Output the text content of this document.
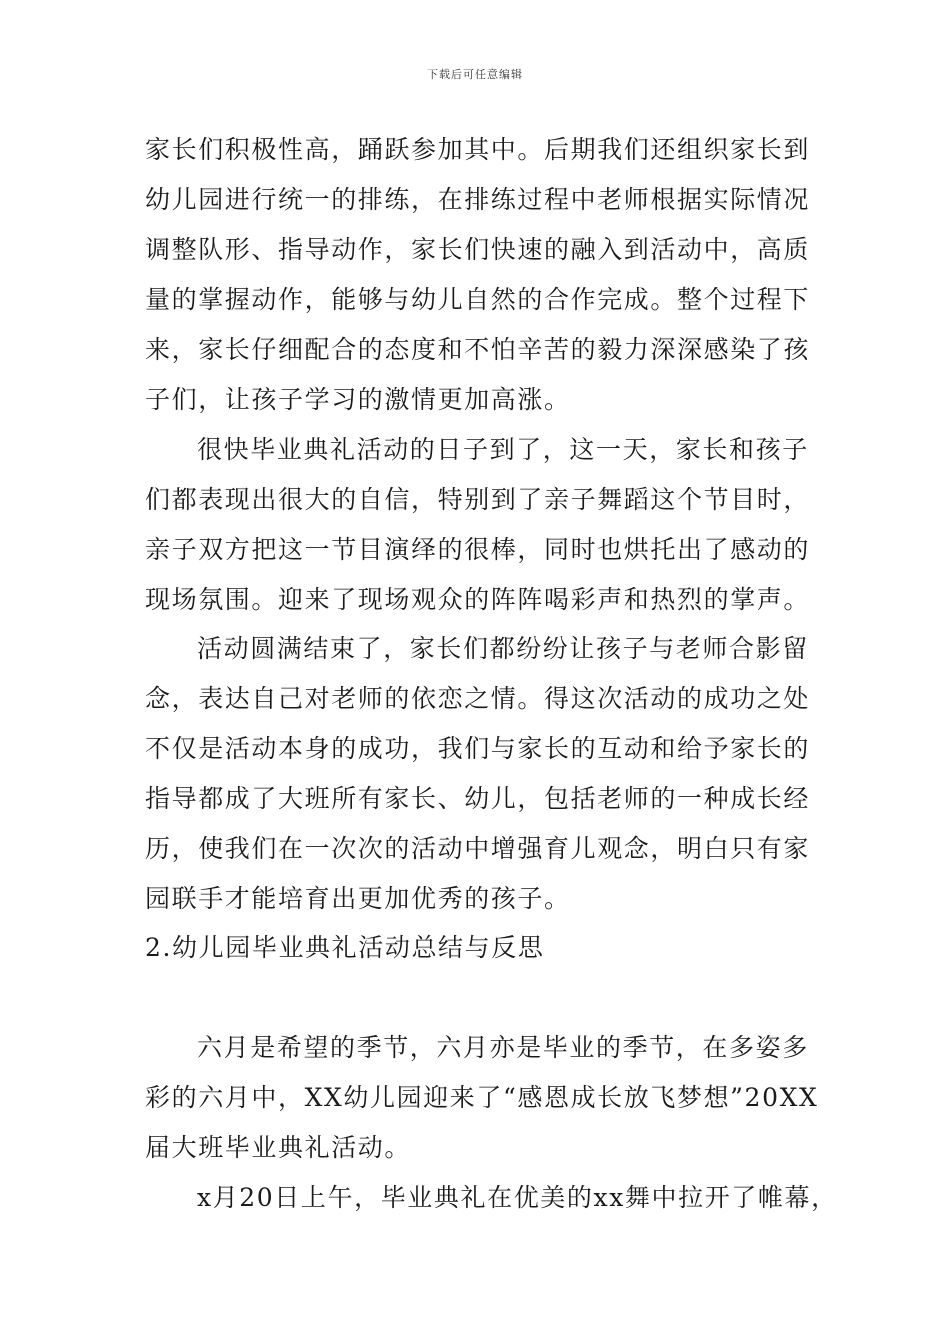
下载后可任意编辑
家长们积极性高，踊跃参加其中。后期我们还组织家长到
幼儿园进行统一的排练，在排练过程中老师根据实际情况
调整队形、指导动作，家长们快速的融入到活动中，高质
量的掌握动作，能够与幼儿自然的合作完成。整个过程下
来，家长仔细配合的态度和不怕辛苦的毅力深深感染了孩
子们，让孩子学习的激情更加高涨。
很快毕业典礼活动的日子到了，这一天，家长和孩子
们都表现出很大的自信，特别到了亲子舞蹈这个节目时，
亲子双方把这一节目演绎的很棒，同时也烘托出了感动的
现场氛围。迎来了现场观众的阵阵喝彩声和热烈的掌声。
活动圆满结束了，家长们都纷纷让孩子与老师合影留
念，表达自己对老师的依恋之情。得这次活动的成功之处
不仅是活动本身的成功，我们与家长的互动和给予家长的
指导都成了大班所有家长、幼儿，包括老师的一种成长经
历，使我们在一次次的活动中增强育儿观念，明白只有家
园联手才能培育出更加优秀的孩子。
2.幼儿园毕业典礼活动总结与反思
六月是希望的季节，六月亦是毕业的季节，在多姿多
彩的六月中，XX幼儿园迎来了“感恩成长放飞梦想”20XX
届大班毕业典礼活动。
x月20日上午，毕业典礼在优美的xx舞中拉开了帷幕，
